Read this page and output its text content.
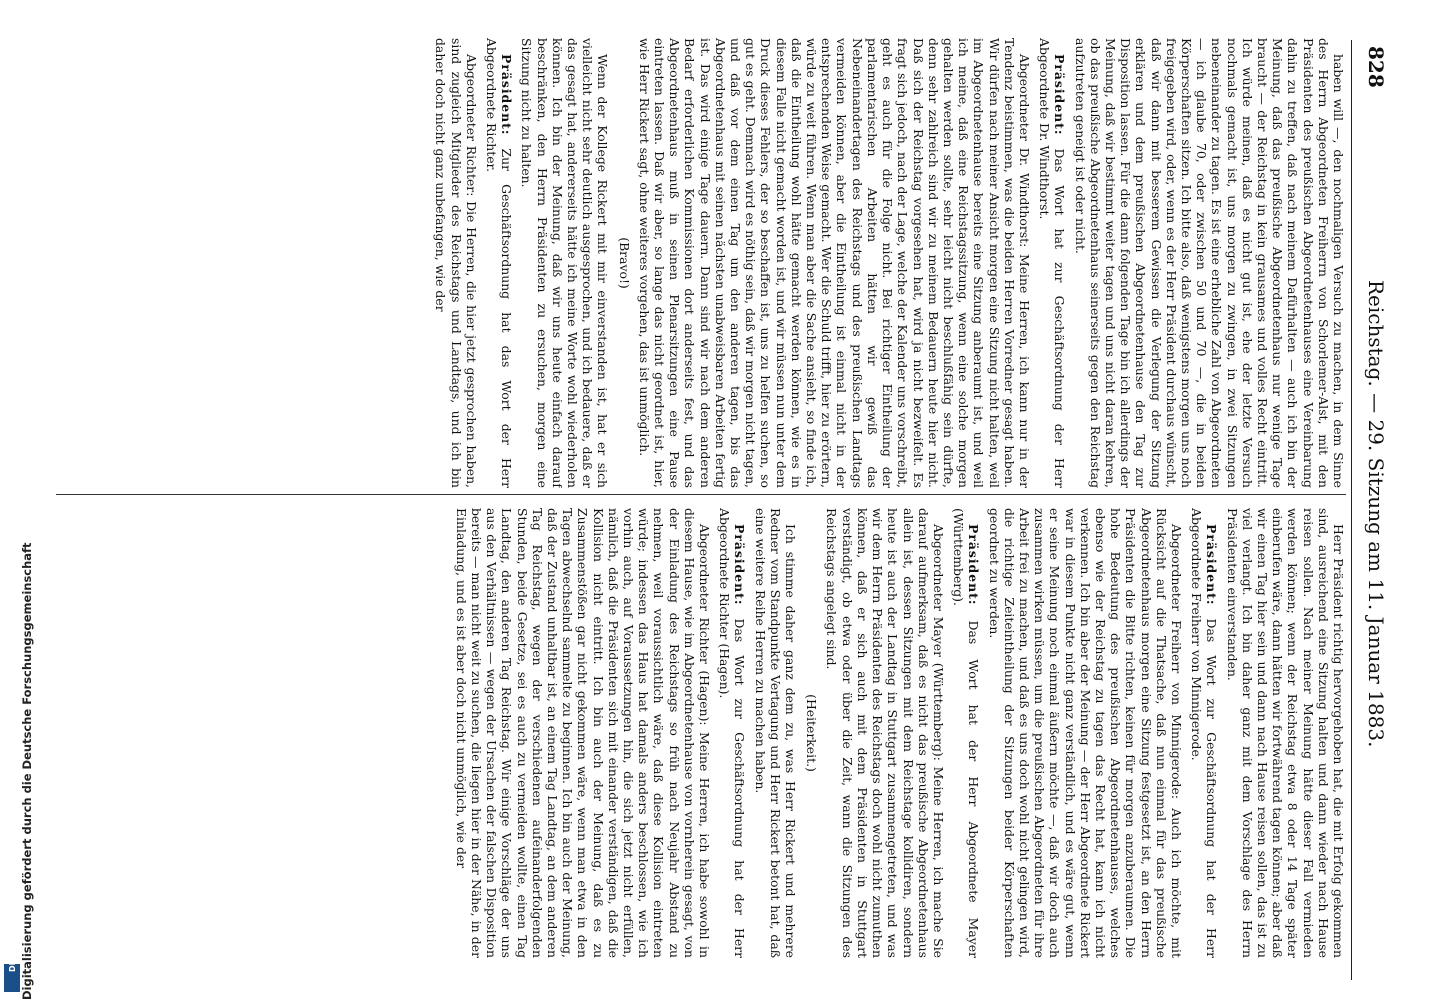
828
Reichstag. — 29. Sitzung am 11. Januar 1883.

haben will —, den nochmaligen Versuch zu machen, in dem Sinne des Herrn Abgeordneten Freiherrn von Schorlemer-Alst, mit den Präsidenten des preußischen Abgeordnetenhauses eine Vereinbarung dahin zu treffen, daß nach meinem Dafürhalten — auch ich bin der Meinung, daß das preußische Abgeordnetenhaus nur wenige Tage braucht — der Reichstag in kein grausames und volles Recht eintritt. Ich würde meinen, daß es nicht gut ist, ehe der letzte Versuch nochmals gemacht ist, uns morgen zu zwingen, in zwei Sitzungen nebeneinander zu tagen. Es ist eine erhebliche Zahl von Abgeordneten — ich glaube 70, oder zwischen 50 und 70 —, die in beiden Körperschaften sitzen. Ich bitte also, daß wenigstens morgen uns noch freigegeben wird, oder, wenn es der Herr Präsident durchaus wünscht, daß wir dann mit besserem Gewissen die Verlegung der Sitzung erklären und dem preußischen Abgeordnetenhause den Tag zur Disposition lassen. Für die dann folgenden Tage bin ich allerdings der Meinung, daß wir bestimmt weiter tagen und uns nicht daran kehren, ob das preußische Abgeordnetenhaus seinerseits gegen den Reichstag aufzutreten geneigt ist oder nicht.

Präsident: Das Wort hat zur Geschäftsordnung der Herr Abgeordnete Dr. Windthorst.

Abgeordneter Dr. Windthorst: Meine Herren, ich kann nur in der Tendenz beistimmen, was die beiden Herren Vorredner gesagt haben. Wir dürfen nach meiner Ansicht morgen eine Sitzung nicht halten, weil im Abgeordnetenhause bereits eine Sitzung anberaumt ist, und weil ich meine, daß eine Reichstagssitzung, wenn eine solche morgen gehalten werden sollte, sehr leicht nicht beschlußfähig sein dürfte, denn sehr zahlreich sind wir zu meinem Bedauern heute hier nicht. Daß sich der Reichstag vorgesehen hat, wird ja nicht bezweifelt. Es fragt sich jedoch, nach der Lage, welche der Kalender uns vorschreibt, geht es auch für die Folge nicht. Bei richtiger Eintheilung der parlamentarischen Arbeiten hätten wir gewiß das Nebeneinandertagen des Reichstags und des preußischen Landtags vermeiden können, aber die Eintheilung ist einmal nicht in der entsprechenden Weise gemacht. Wer die Schuld trifft, hier zu erörtern, würde zu weit führen. Wenn man aber die Sache ansieht, so finde ich, daß die Eintheilung wohl hätte gemacht werden können, wie es in diesem Falle nicht gemacht worden ist, und wir müssen nun unter dem Druck dieses Fehlers, der so beschaffen ist, uns zu helfen suchen, so gut es geht. Demnach wird es nöthig sein, daß wir morgen nicht tagen, und daß vor dem einen Tag um den anderen tagen, bis das Abgeordnetenhaus mit seinen nächsten unabweisbaren Arbeiten fertig ist. Das wird einige Tage dauern. Dann sind wir nach dem anderen Bedarf erforderlichen Kommissionen dort anderseits fest, und das Abgeordnetenhaus muß in seinen Plenarsitzungen eine Pause eintreten lassen. Daß wir aber, so lange das nicht geordnet ist, hier, wie Herr Rickert sagt, ohne weiteres vorgehen, das ist unmöglich.

(Bravo!)

Wenn der Kollege Rickert mit mir einverstanden ist, hat er sich vielleicht nicht sehr deutlich ausgesprochen, und ich bedauere, daß er das gesagt hat, andererseits hätte ich meine Worte wohl wiederholen können. Ich bin der Meinung, daß wir uns heute einfach darauf beschränken, den Herrn Präsidenten zu ersuchen, morgen eine Sitzung nicht zu halten.

Präsident: Zur Geschäftsordnung hat das Wort der Herr Abgeordnete Richter.

Abgeordneter Richter: Die Herren, die hier jetzt gesprochen haben, sind zugleich Mitglieder des Reichstags und Landtags, und ich bin daher doch nicht ganz unbefangen, wie der

Herr Präsident richtig hervorgehoben hat, die mit Erfolg gekommen sind, ausreichend eine Sitzung halten und dann wieder nach Hause reisen sollen. Nach meiner Meinung hätte dieser Fall vermieden werden können; wenn der Reichstag etwa 8 oder 14 Tage später einberufen wäre, dann hätten wir fortwährend tagen können; aber daß wir einen Tag hier sein und dann nach Hause reisen sollen, das ist zu viel verlangt. Ich bin daher ganz mit dem Vorschlage des Herrn Präsidenten einverstanden.

Präsident: Das Wort zur Geschäftsordnung hat der Herr Abgeordnete Freiherr von Minnigerode.

Abgeordneter Freiherr von Minnigerode: Auch ich möchte, mit Rücksicht auf die Thatsache, daß nun einmal für das preußische Abgeordnetenhaus morgen eine Sitzung festgesetzt ist, an den Herrn Präsidenten die Bitte richten, keinen für morgen anzuberaumen. Die hohe Bedeutung des preußischen Abgeordnetenhauses, welches ebenso wie der Reichstag zu tagen das Recht hat, kann ich nicht verkennen. Ich bin aber der Meinung — der Herr Abgeordnete Rickert war in diesem Punkte nicht ganz verständlich, und es wäre gut, wenn er seine Meinung noch einmal äußern möchte —, daß wir doch auch zusammen wirken müssen, um die preußischen Abgeordneten für ihre Arbeit frei zu machen, und daß es uns doch wohl nicht gelingen wird, die richtige Zeiteintheilung der Sitzungen beider Körperschaften geordnet zu werden.

Präsident: Das Wort hat der Herr Abgeordnete Mayer (Württemberg).

Abgeordneter Mayer (Württemberg): Meine Herren, ich mache Sie darauf aufmerksam, daß es nicht das preußische Abgeordnetenhaus allein ist, dessen Sitzungen mit dem Reichstage kollidiren, sondern heute ist auch der Landtag in Stuttgart zusammengetreten, und was wir dem Herrn Präsidenten des Reichstags doch wohl nicht zumuthen können, daß er sich auch mit dem Präsidenten in Stuttgart verständigt, ob etwa oder über die Zeit, wann die Sitzungen des Reichstags angelegt sind.

(Heiterkeit.)

Ich stimme daher ganz dem zu, was Herr Rickert und mehrere Redner vom Standpunkte Vertagung und Herr Rickert betont hat, daß eine weitere Reihe Herren zu machen haben.

Präsident: Das Wort zur Geschäftsordnung hat der Herr Abgeordnete Richter (Hagen).

Abgeordneter Richter (Hagen): Meine Herren, ich habe sowohl in diesem Hause, wie im Abgeordnetenhause von vornherein gesagt, von der Einladung des Reichstags so früh nach Neujahr Abstand zu nehmen, weil voraussichtlich wäre, daß diese Kollision eintreten würde; indessen das Haus hat damals anders beschlossen, wie ich vorhin auch, auf Voraussetzungen hin, die sich jetzt nicht erfüllen, nämlich, daß die Präsidenten sich mit einander verständigen, daß die Kollision nicht eintritt. Ich bin auch der Meinung, daß es zu Zusammenstößen gar nicht gekommen wäre, wenn man etwa in den Tagen abwechselnd sammelte zu beginnen. Ich bin auch der Meinung, daß der Zustand unhaltbar ist, an einem Tag Landtag, an dem anderen Tag Reichstag, wegen der verschiedenen aufeinanderfolgenden Stunden, beide Gesetze, sei es auch zu vermeiden wollte, einen Tag Landtag, den anderen Tag Reichstag. Wir einige Vorschläge der uns aus den Verhältnissen — wegen der Ursachen der falschen Disposition bereits — man nicht weit zu suchen, die liegen hier in der Nähe, in der Einladung, und es ist aber doch nicht unmöglich, wie der

Digitalisierung gefördert durch die Deutsche Forschungsgemeinschaft
DFG
